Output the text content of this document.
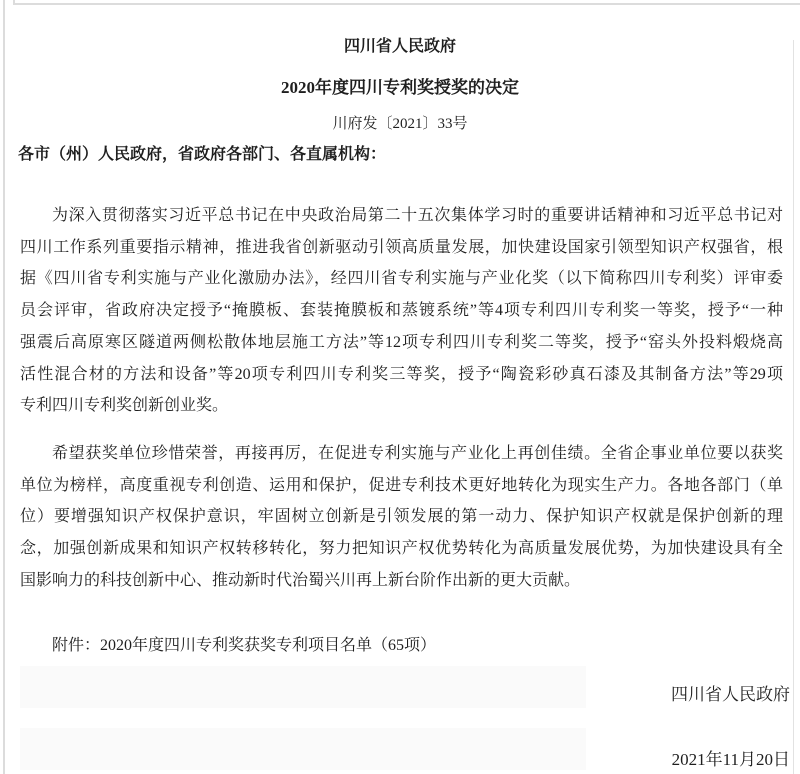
四川省人民政府
2020年度四川专利奖授奖的决定
川府发〔2021〕33号
各市（州）人民政府，省政府各部门、各直属机构：
为深入贯彻落实习近平总书记在中央政治局第二十五次集体学习时的重要讲话精神和习近平总书记对
四川工作系列重要指示精神，推进我省创新驱动引领高质量发展，加快建设国家引领型知识产权强省，根
据《四川省专利实施与产业化激励办法》，经四川省专利实施与产业化奖（以下简称四川专利奖）评审委
员会评审，省政府决定授予“掩膜板、套装掩膜板和蒸镀系统”等4项专利四川专利奖一等奖，授予“一种
强震后高原寒区隧道两侧松散体地层施工方法”等12项专利四川专利奖二等奖，授予“窑头外投料煅烧高
活性混合材的方法和设备”等20项专利四川专利奖三等奖，授予“陶瓷彩砂真石漆及其制备方法”等29项
专利四川专利奖创新创业奖。
希望获奖单位珍惜荣誉，再接再厉，在促进专利实施与产业化上再创佳绩。全省企事业单位要以获奖
单位为榜样，高度重视专利创造、运用和保护，促进专利技术更好地转化为现实生产力。各地各部门（单
位）要增强知识产权保护意识，牢固树立创新是引领发展的第一动力、保护知识产权就是保护创新的理
念，加强创新成果和知识产权转移转化，努力把知识产权优势转化为高质量发展优势，为加快建设具有全
国影响力的科技创新中心、推动新时代治蜀兴川再上新台阶作出新的更大贡献。
附件：2020年度四川专利奖获奖专利项目名单（65项）
四川省人民政府
2021年11月20日
